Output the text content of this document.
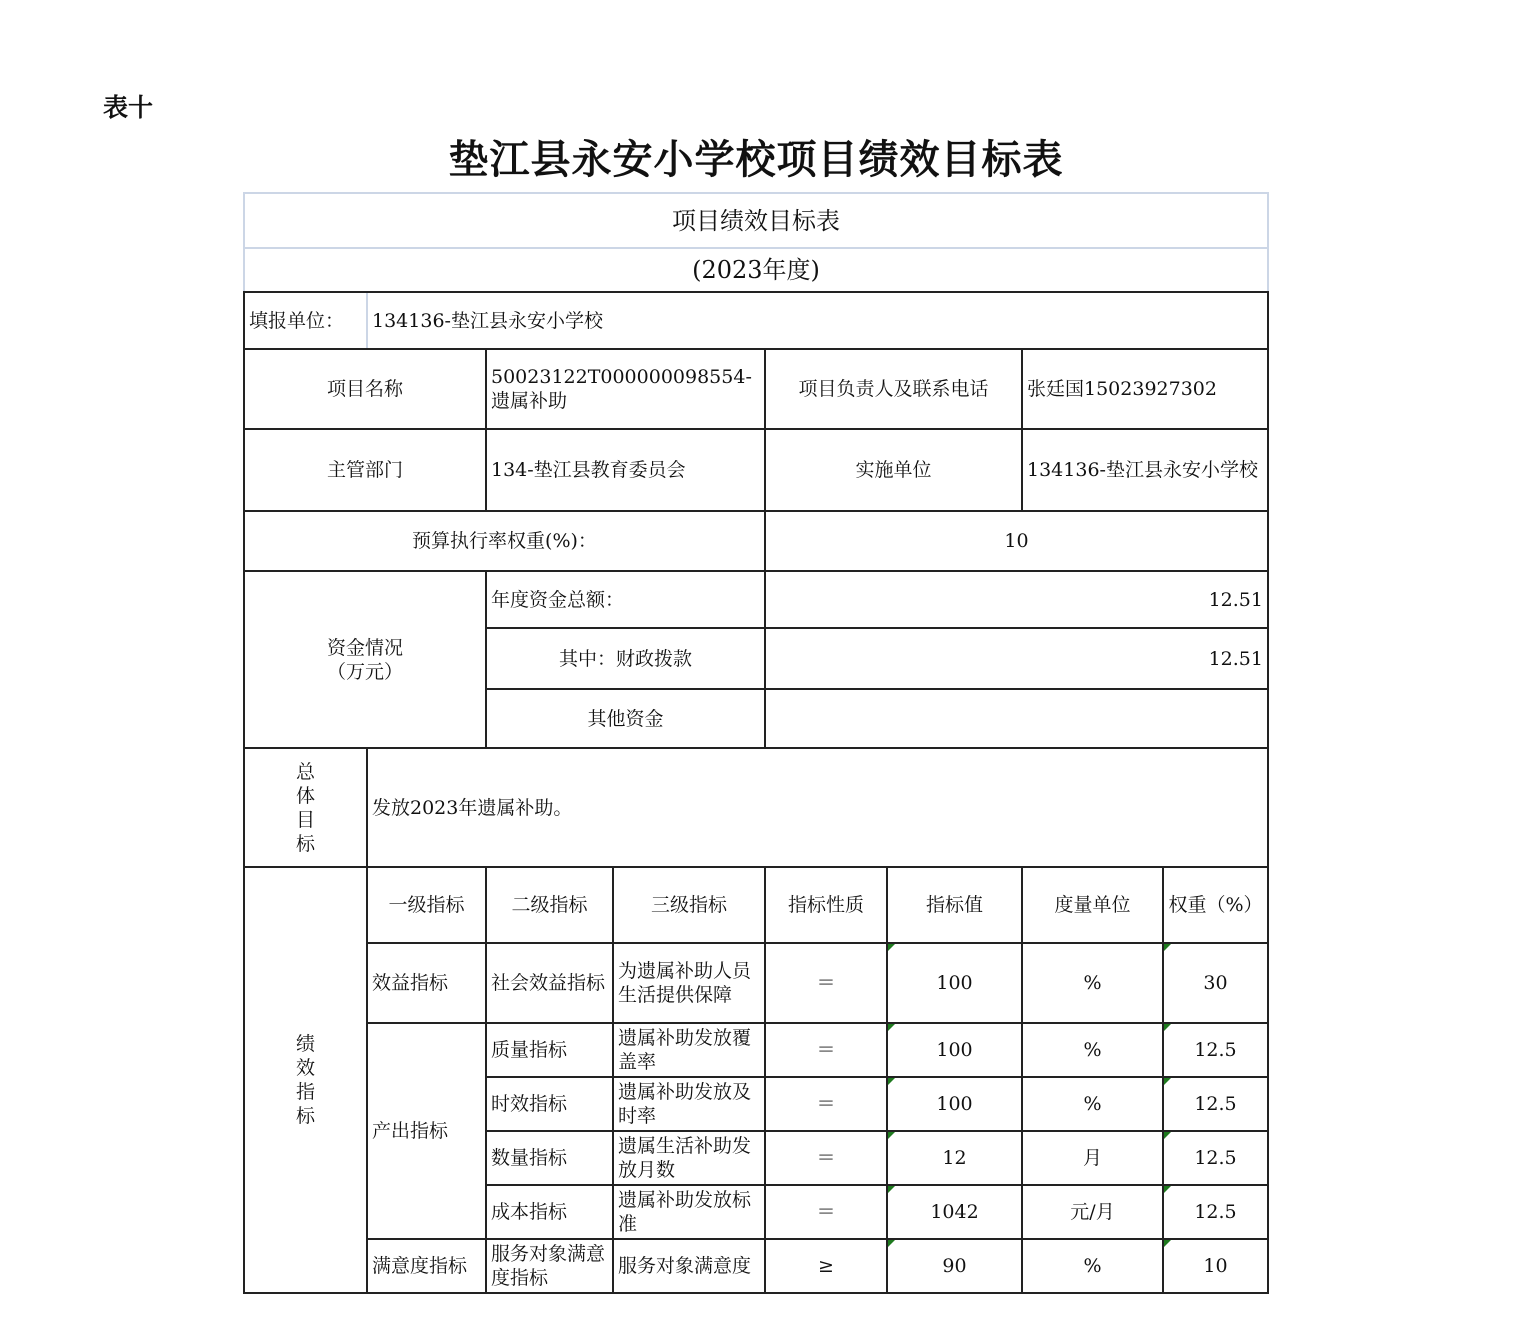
表十
垫江县永安小学校项目绩效目标表
项目绩效目标表							
(2023年度)							
填报单位：	134136-垫江县永安小学校						
项目名称		50023122T000000098554-遗属补助		项目负责人及联系电话		张廷国15023927302	
主管部门		134-垫江县教育委员会		实施单位		134136-垫江县永安小学校	
预算执行率权重(%)：				10			

资金情况
（万元）		年度资金总额：		12.51			
		其中：财政拨款		12.51			
		其他资金					
总体目标	发放2023年遗属补助。						
绩效指标	一级指标	二级指标	三级指标	指标性质	指标值	度量单位	权重（%）
	效益指标	社会效益指标	为遗属补助人员生活提供保障	＝	100	%	30
	产出指标	质量指标	遗属补助发放覆盖率	＝	100	%	12.5
		时效指标	遗属补助发放及时率	＝	100	%	12.5
		数量指标	遗属生活补助发放月数	＝	12	月	12.5
		成本指标	遗属补助发放标准	＝	1042	元/月	12.5
	满意度指标	服务对象满意度指标	服务对象满意度	≥	90	%	10
